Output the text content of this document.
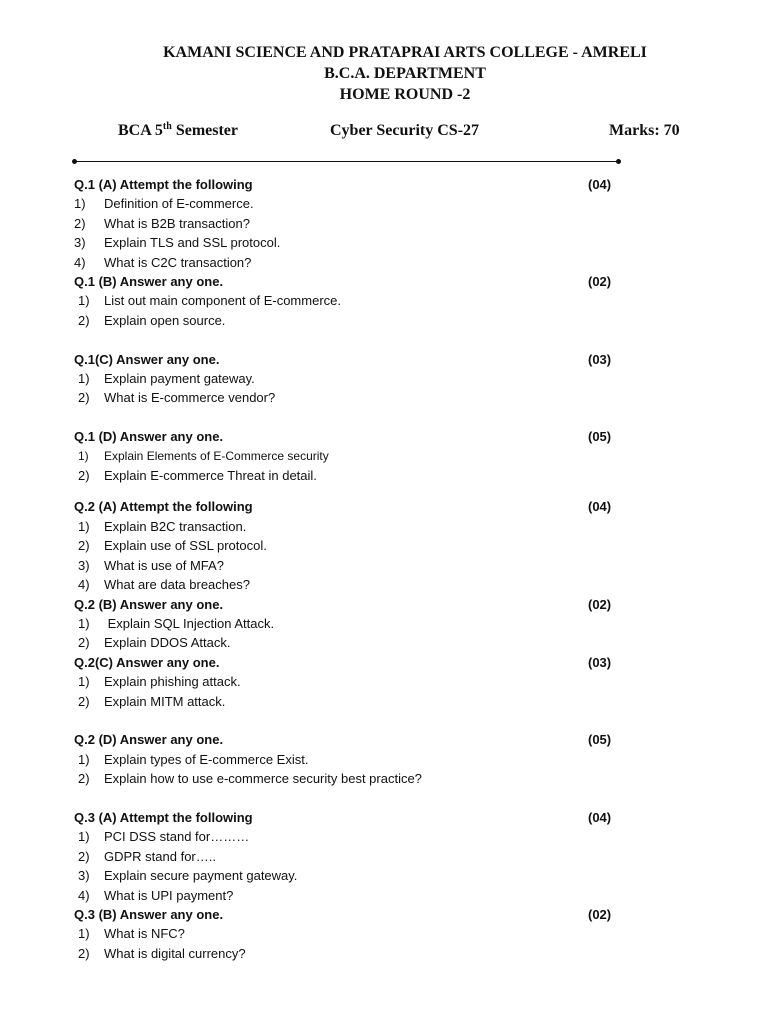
KAMANI SCIENCE AND PRATAPRAI ARTS COLLEGE - AMRELI
B.C.A. DEPARTMENT
HOME ROUND -2
BCA 5th Semester	Cyber Security CS-27	Marks: 70
Q.1 (A) Attempt the following	(04)
1)	Definition of E-commerce.
2)	What is B2B transaction?
3)	Explain TLS and SSL protocol.
4)	What is C2C transaction?
Q.1 (B) Answer any one.	(02)
1)	List out main component of E-commerce.
2)	Explain open source.
Q.1(C) Answer any one.	(03)
1)	Explain payment gateway.
2)	What is E-commerce vendor?
Q.1 (D) Answer any one.	(05)
1)	Explain Elements of E-Commerce security
2)	Explain E-commerce Threat in detail.
Q.2 (A) Attempt the following	(04)
1)	Explain B2C transaction.
2)	Explain use of SSL protocol.
3)	What is use of MFA?
4)	What are data breaches?
Q.2 (B) Answer any one.	(02)
1)	Explain SQL Injection Attack.
2)	Explain DDOS Attack.
Q.2(C) Answer any one.	(03)
1)	Explain phishing attack.
2)	Explain MITM attack.
Q.2 (D) Answer any one.	(05)
1)	Explain types of E-commerce Exist.
2)	Explain how to use e-commerce security best practice?
Q.3 (A) Attempt the following	(04)
1)	PCI DSS stand for………
2)	GDPR stand for…..
3)	Explain secure payment gateway.
4)	What is UPI payment?
Q.3 (B) Answer any one.	(02)
1)	What is NFC?
2)	What is digital currency?
